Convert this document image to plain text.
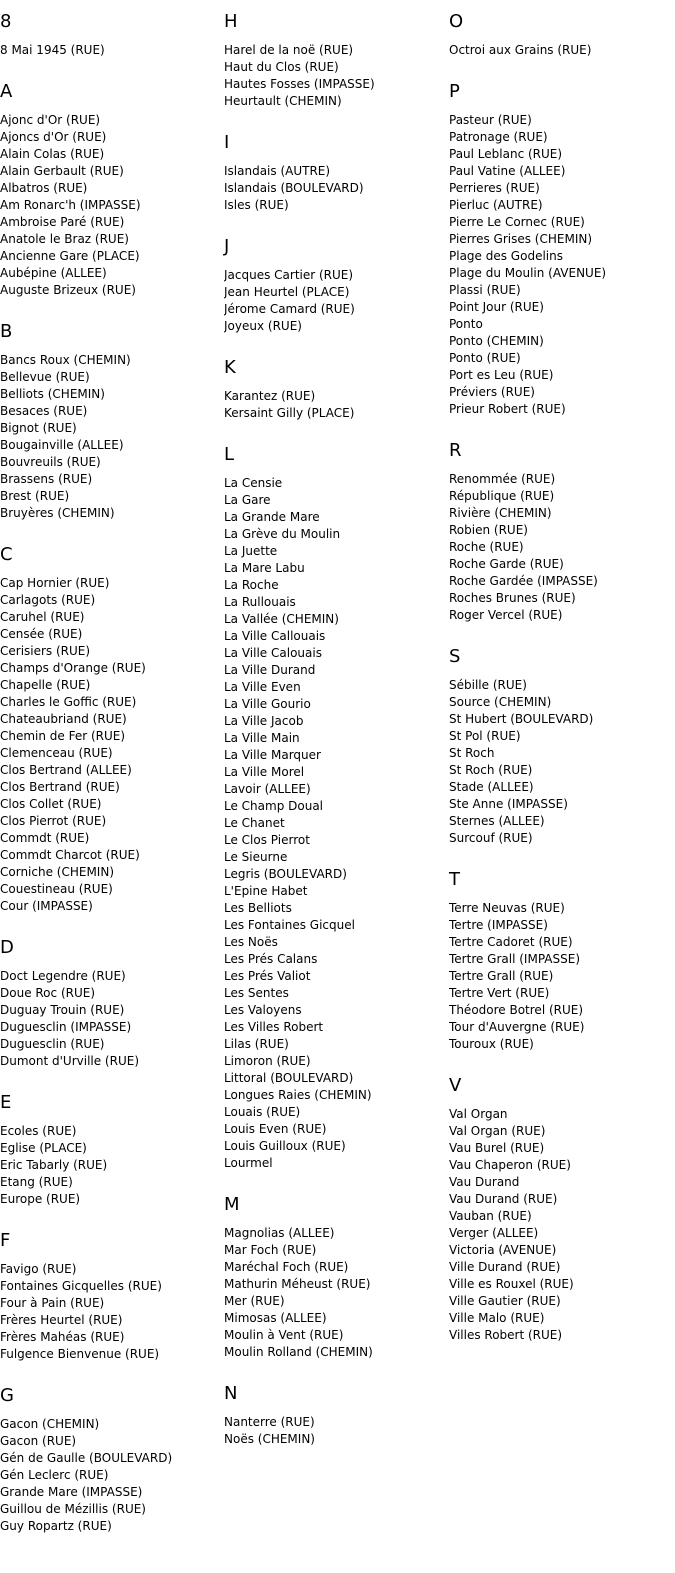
8
8 Mai 1945 (RUE)
A
Ajonc d'Or (RUE)
Ajoncs d'Or (RUE)
Alain Colas (RUE)
Alain Gerbault (RUE)
Albatros (RUE)
Am Ronarc'h (IMPASSE)
Ambroise Paré (RUE)
Anatole le Braz (RUE)
Ancienne Gare (PLACE)
Aubépine (ALLEE)
Auguste Brizeux (RUE)
B
Bancs Roux (CHEMIN)
Bellevue (RUE)
Belliots (CHEMIN)
Besaces (RUE)
Bignot (RUE)
Bougainville (ALLEE)
Bouvreuils (RUE)
Brassens (RUE)
Brest (RUE)
Bruyères (CHEMIN)
C
Cap Hornier (RUE)
Carlagots (RUE)
Caruhel (RUE)
Censée (RUE)
Cerisiers (RUE)
Champs d'Orange (RUE)
Chapelle (RUE)
Charles le Goffic (RUE)
Chateaubriand (RUE)
Chemin de Fer (RUE)
Clemenceau (RUE)
Clos Bertrand (ALLEE)
Clos Bertrand (RUE)
Clos Collet (RUE)
Clos Pierrot (RUE)
Commdt (RUE)
Commdt Charcot (RUE)
Corniche (CHEMIN)
Couestineau (RUE)
Cour (IMPASSE)
D
Doct Legendre (RUE)
Doue Roc (RUE)
Duguay Trouin (RUE)
Duguesclin (IMPASSE)
Duguesclin (RUE)
Dumont d'Urville (RUE)
E
Ecoles (RUE)
Eglise (PLACE)
Eric Tabarly (RUE)
Etang (RUE)
Europe (RUE)
F
Favigo (RUE)
Fontaines Gicquelles (RUE)
Four à Pain (RUE)
Frères Heurtel (RUE)
Frères Mahéas (RUE)
Fulgence Bienvenue (RUE)
G
Gacon (CHEMIN)
Gacon (RUE)
Gén de Gaulle (BOULEVARD)
Gén Leclerc (RUE)
Grande Mare (IMPASSE)
Guillou de Mézillis (RUE)
Guy Ropartz (RUE)
H
Harel de la noë (RUE)
Haut du Clos (RUE)
Hautes Fosses (IMPASSE)
Heurtault (CHEMIN)
I
Islandais (AUTRE)
Islandais (BOULEVARD)
Isles (RUE)
J
Jacques Cartier (RUE)
Jean Heurtel (PLACE)
Jérome Camard (RUE)
Joyeux (RUE)
K
Karantez (RUE)
Kersaint Gilly (PLACE)
L
La Censie
La Gare
La Grande Mare
La Grève du Moulin
La Juette
La Mare Labu
La Roche
La Rullouais
La Vallée (CHEMIN)
La Ville Callouais
La Ville Calouais
La Ville Durand
La Ville Even
La Ville Gourio
La Ville Jacob
La Ville Main
La Ville Marquer
La Ville Morel
Lavoir (ALLEE)
Le Champ Doual
Le Chanet
Le Clos Pierrot
Le Sieurne
Legris (BOULEVARD)
L'Epine Habet
Les Belliots
Les Fontaines Gicquel
Les Noës
Les Prés Calans
Les Prés Valiot
Les Sentes
Les Valoyens
Les Villes Robert
Lilas (RUE)
Limoron (RUE)
Littoral (BOULEVARD)
Longues Raies (CHEMIN)
Louais (RUE)
Louis Even (RUE)
Louis Guilloux (RUE)
Lourmel
M
Magnolias (ALLEE)
Mar Foch (RUE)
Maréchal Foch (RUE)
Mathurin Méheust (RUE)
Mer (RUE)
Mimosas (ALLEE)
Moulin à Vent (RUE)
Moulin Rolland (CHEMIN)
N
Nanterre (RUE)
Noës (CHEMIN)
O
Octroi aux Grains (RUE)
P
Pasteur (RUE)
Patronage (RUE)
Paul Leblanc (RUE)
Paul Vatine (ALLEE)
Perrieres (RUE)
Pierluc (AUTRE)
Pierre Le Cornec (RUE)
Pierres Grises (CHEMIN)
Plage des Godelins
Plage du Moulin (AVENUE)
Plassi (RUE)
Point Jour (RUE)
Ponto
Ponto (CHEMIN)
Ponto (RUE)
Port es Leu (RUE)
Préviers (RUE)
Prieur Robert (RUE)
R
Renommée (RUE)
République (RUE)
Rivière (CHEMIN)
Robien (RUE)
Roche (RUE)
Roche Garde (RUE)
Roche Gardée (IMPASSE)
Roches Brunes (RUE)
Roger Vercel (RUE)
S
Sébille (RUE)
Source (CHEMIN)
St Hubert (BOULEVARD)
St Pol (RUE)
St Roch
St Roch (RUE)
Stade (ALLEE)
Ste Anne (IMPASSE)
Sternes (ALLEE)
Surcouf (RUE)
T
Terre Neuvas (RUE)
Tertre (IMPASSE)
Tertre Cadoret (RUE)
Tertre Grall (IMPASSE)
Tertre Grall (RUE)
Tertre Vert (RUE)
Théodore Botrel (RUE)
Tour d'Auvergne (RUE)
Touroux (RUE)
V
Val Organ
Val Organ (RUE)
Vau Burel (RUE)
Vau Chaperon (RUE)
Vau Durand
Vau Durand (RUE)
Vauban (RUE)
Verger (ALLEE)
Victoria (AVENUE)
Ville Durand (RUE)
Ville es Rouxel (RUE)
Ville Gautier (RUE)
Ville Malo (RUE)
Villes Robert (RUE)
